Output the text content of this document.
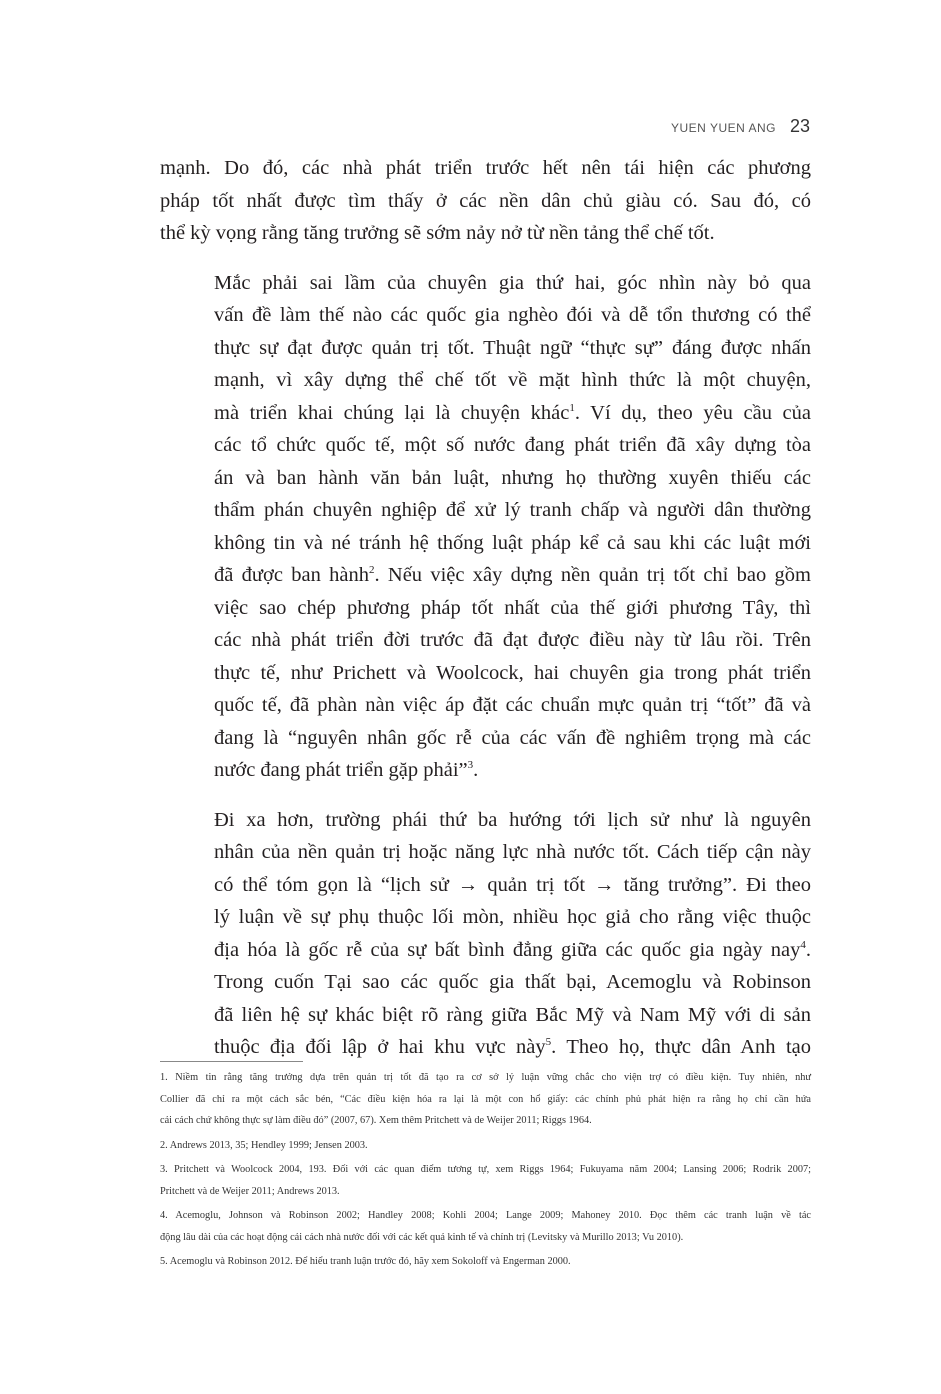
YUEN YUEN ANG 23

mạnh. Do đó, các nhà phát triển trước hết nên tái hiện các phương
pháp tốt nhất được tìm thấy ở các nền dân chủ giàu có. Sau đó, có
thể kỳ vọng rằng tăng trưởng sẽ sớm nảy nở từ nền tảng thể chế tốt.

Mắc phải sai lầm của chuyên gia thứ hai, góc nhìn này bỏ qua
vấn đề làm thế nào các quốc gia nghèo đói và dễ tổn thương có thể
thực sự đạt được quản trị tốt. Thuật ngữ “thực sự” đáng được nhấn
mạnh, vì xây dựng thể chế tốt về mặt hình thức là một chuyện,
mà triển khai chúng lại là chuyện khác$^1$. Ví dụ, theo yêu cầu của
các tổ chức quốc tế, một số nước đang phát triển đã xây dựng tòa
án và ban hành văn bản luật, nhưng họ thường xuyên thiếu các
thẩm phán chuyên nghiệp để xử lý tranh chấp và người dân thường
không tin và né tránh hệ thống luật pháp kể cả sau khi các luật mới
đã được ban hành$^2$. Nếu việc xây dựng nền quản trị tốt chỉ bao gồm
việc sao chép phương pháp tốt nhất của thế giới phương Tây, thì
các nhà phát triển đời trước đã đạt được điều này từ lâu rồi. Trên
thực tế, như Prichett và Woolcock, hai chuyên gia trong phát triển
quốc tế, đã phàn nàn việc áp đặt các chuẩn mực quản trị “tốt” đã và
đang là “nguyên nhân gốc rễ của các vấn đề nghiêm trọng mà các
nước đang phát triển gặp phải”$^3$.

Đi xa hơn, trường phái thứ ba hướng tới lịch sử như là nguyên
nhân của nền quản trị hoặc năng lực nhà nước tốt. Cách tiếp cận này
có thể tóm gọn là “lịch sử → quản trị tốt → tăng trưởng”. Đi theo
lý luận về sự phụ thuộc lối mòn, nhiều học giả cho rằng việc thuộc
địa hóa là gốc rễ của sự bất bình đẳng giữa các quốc gia ngày nay$^4$.
Trong cuốn Tại sao các quốc gia thất bại, Acemoglu và Robinson
đã liên hệ sự khác biệt rõ ràng giữa Bắc Mỹ và Nam Mỹ với di sản
thuộc địa đối lập ở hai khu vực này$^5$. Theo họ, thực dân Anh tạo

1. Niềm tin rằng tăng trưởng dựa trên quản trị tốt đã tạo ra cơ sở lý luận vững chắc cho viện trợ có điều kiện. Tuy nhiên, như
Collier đã chỉ ra một cách sắc bén, “Các điều kiện hóa ra lại là một con hổ giấy: các chính phủ phát hiện ra rằng họ chỉ cần hứa
cải cách chứ không thực sự làm điều đó” (2007, 67). Xem thêm Pritchett và de Weijer 2011; Riggs 1964.

2. Andrews 2013, 35; Hendley 1999; Jensen 2003.

3. Pritchett và Woolcock 2004, 193. Đối với các quan điểm tương tự, xem Riggs 1964; Fukuyama năm 2004; Lansing 2006; Rodrik 2007;
Pritchett và de Weijer 2011; Andrews 2013.

4. Acemoglu, Johnson và Robinson 2002; Handley 2008; Kohli 2004; Lange 2009; Mahoney 2010. Đọc thêm các tranh luận về tác
động lâu dài của các hoạt động cải cách nhà nước đối với các kết quả kinh tế và chính trị (Levitsky và Murillo 2013; Vu 2010).

5. Acemoglu và Robinson 2012. Để hiểu tranh luận trước đó, hãy xem Sokoloff và Engerman 2000.
